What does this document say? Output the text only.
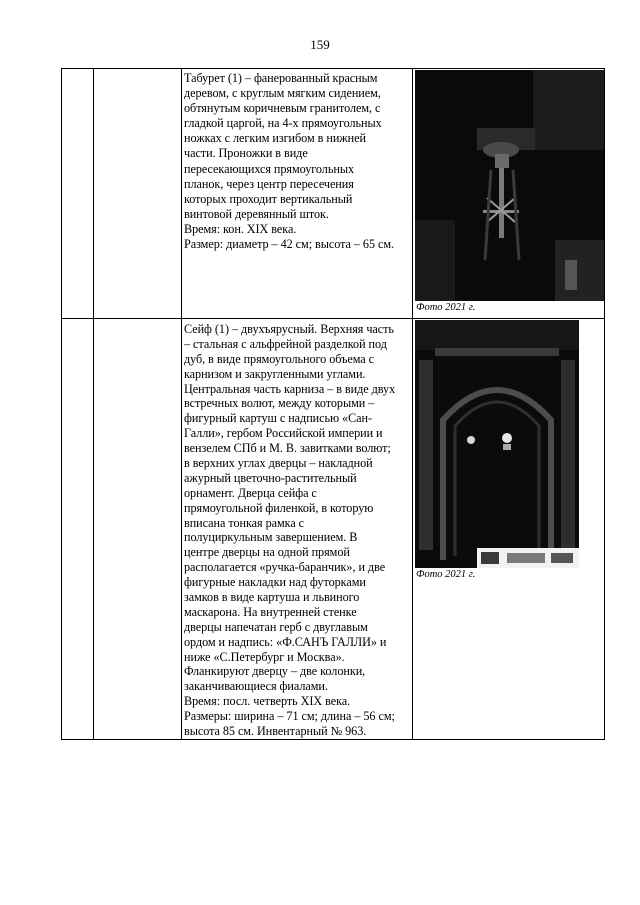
159
Табурет (1) – фанерованный красным
деревом, с круглым мягким сидением,
обтянутым коричневым гранитолем, с
гладкой царгой, на 4-х прямоугольных
ножках с легким изгибом в нижней
части. Проножки в виде
пересекающихся прямоугольных
планок, через центр пересечения
которых проходит вертикальный
винтовой деревянный шток.
Время: кон. XIX века.
Размер: диаметр – 42 см; высота – 65 см.
Фото 2021 г.
Сейф (1) – двухъярусный. Верхняя часть
– стальная с альфрейной разделкой под
дуб, в виде прямоугольного объема с
карнизом и закругленными углами.
Центральная часть карниза – в виде двух
встречных волют, между которыми –
фигурный картуш с надписью «Сан-
Галли», гербом Российской империи и
вензелем СПб и М. В. завитками волют;
в верхних углах дверцы – накладной
ажурный цветочно-растительный
орнамент. Дверца сейфа с
прямоугольной филенкой, в которую
вписана тонкая рамка с
полуциркульным завершением. В
центре дверцы на одной прямой
располагается «ручка-баранчик», и две
фигурные накладки над футорками
замков в виде картуша и львиного
маскарона. На внутренней стенке
дверцы напечатан герб с двуглавым
ордом и надпись: «Ф.САНЪ ГАЛЛИ» и
ниже «С.Петербург и Москва».
Фланкируют дверцу – две колонки,
заканчивающиеся фиалами.
Время: посл. четверть XIX века.
Размеры: ширина – 71 см; длина – 56 см;
высота 85 см. Инвентарный № 963.
Фото 2021 г.
